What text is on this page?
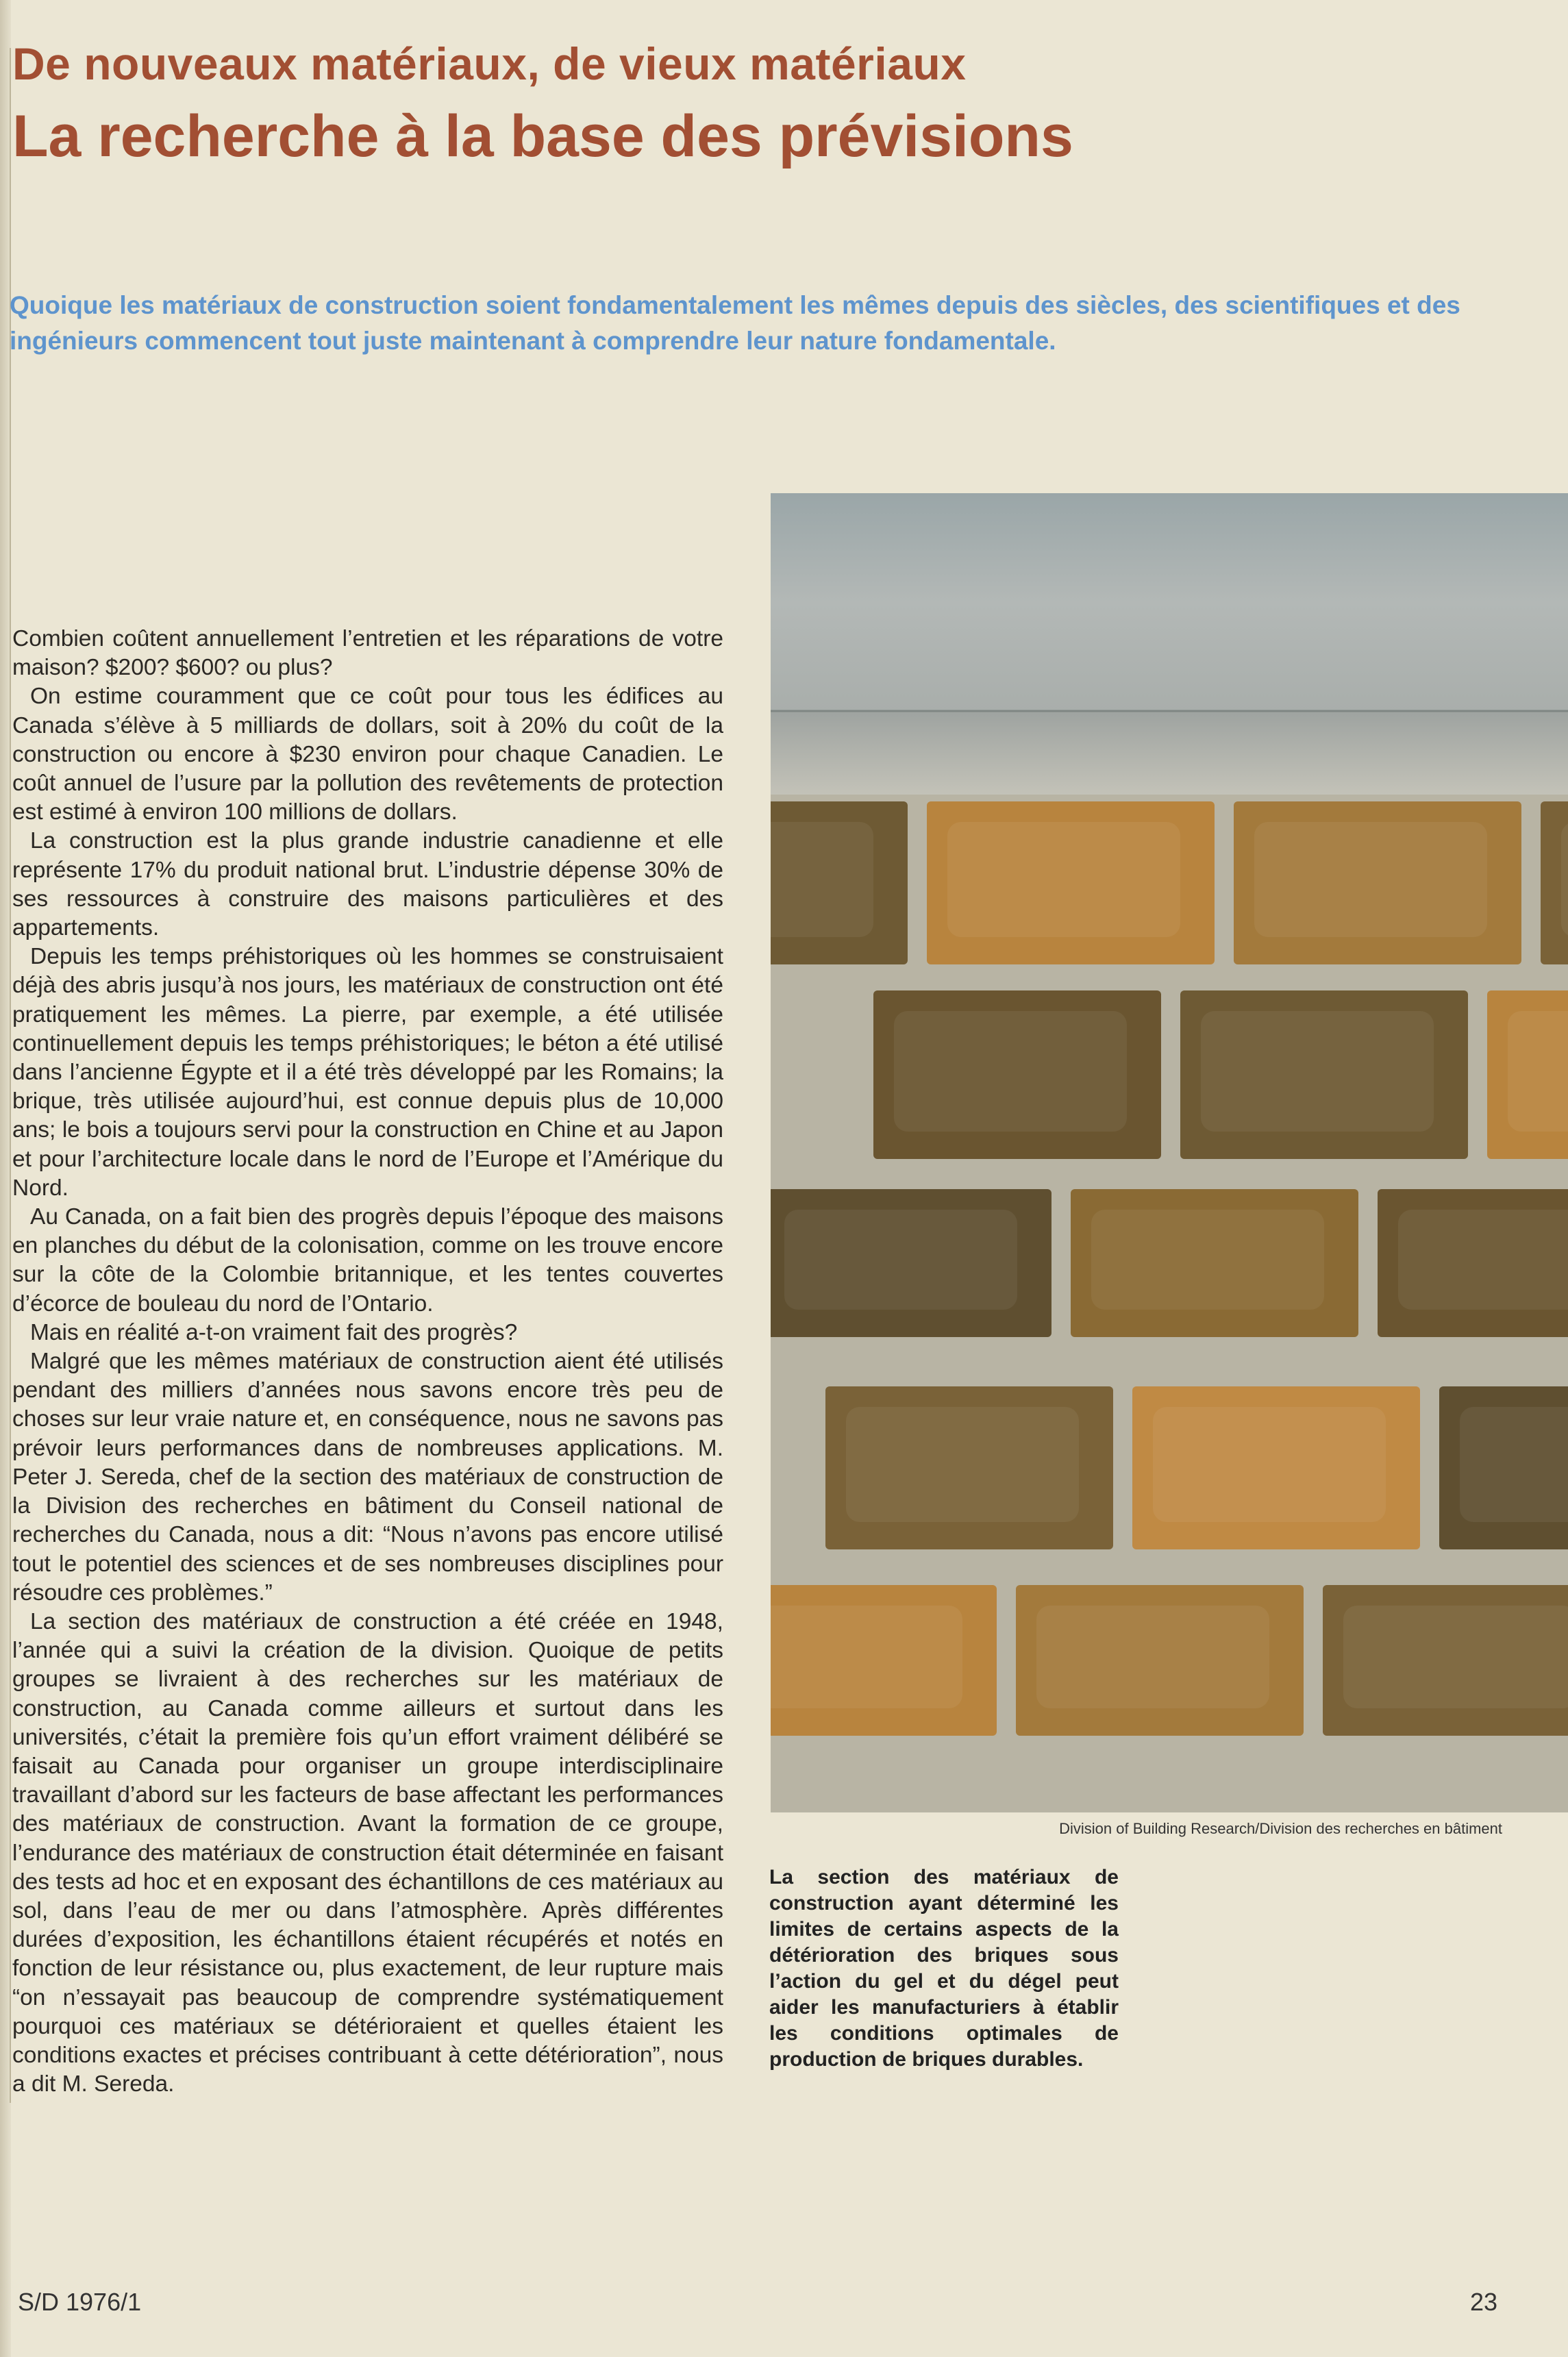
De nouveaux matériaux, de vieux matériaux
La recherche à la base des prévisions

Quoique les matériaux de construction soient fondamentalement les mêmes depuis des siècles, des scientifiques et des ingénieurs commencent tout juste maintenant à comprendre leur nature fondamentale.

Combien coûtent annuellement l’entretien et les réparations de votre maison? $200? $600? ou plus?

On estime couramment que ce coût pour tous les édifices au Canada s’élève à 5 milliards de dollars, soit à 20% du coût de la construction ou encore à $230 environ pour chaque Canadien. Le coût annuel de l’usure par la pollution des revêtements de protection est estimé à environ 100 millions de dollars.

La construction est la plus grande industrie canadienne et elle représente 17% du produit national brut. L’industrie dépense 30% de ses ressources à construire des maisons particulières et des appartements.

Depuis les temps préhistoriques où les hommes se construisaient déjà des abris jusqu’à nos jours, les matériaux de construction ont été pratiquement les mêmes. La pierre, par exemple, a été utilisée continuellement depuis les temps préhistoriques; le béton a été utilisé dans l’ancienne Égypte et il a été très développé par les Romains; la brique, très utilisée aujourd’hui, est connue depuis plus de 10,000 ans; le bois a toujours servi pour la construction en Chine et au Japon et pour l’architecture locale dans le nord de l’Europe et l’Amérique du Nord.

Au Canada, on a fait bien des progrès depuis l’époque des maisons en planches du début de la colonisation, comme on les trouve encore sur la côte de la Colombie britannique, et les tentes couvertes d’écorce de bouleau du nord de l’Ontario.

Mais en réalité a-t-on vraiment fait des progrès?

Malgré que les mêmes matériaux de construction aient été utilisés pendant des milliers d’années nous savons encore très peu de choses sur leur vraie nature et, en conséquence, nous ne savons pas prévoir leurs performances dans de nombreuses applications. M. Peter J. Sereda, chef de la section des matériaux de construction de la Division des recherches en bâtiment du Conseil national de recherches du Canada, nous a dit: “Nous n’avons pas encore utilisé tout le potentiel des sciences et de ses nombreuses disciplines pour résoudre ces problèmes.”

La section des matériaux de construction a été créée en 1948, l’année qui a suivi la création de la division. Quoique de petits groupes se livraient à des recherches sur les matériaux de construction, au Canada comme ailleurs et surtout dans les universités, c’était la première fois qu’un effort vraiment délibéré se faisait au Canada pour organiser un groupe interdisciplinaire travaillant d’abord sur les facteurs de base affectant les performances des matériaux de construction. Avant la formation de ce groupe, l’endurance des matériaux de construction était déterminée en faisant des tests ad hoc et en exposant des échantillons de ces matériaux au sol, dans l’eau de mer ou dans l’atmosphère. Après différentes durées d’exposition, les échantillons étaient récupérés et notés en fonction de leur résistance ou, plus exactement, de leur rupture mais “on n’essayait pas beaucoup de comprendre systématiquement pourquoi ces matériaux se détérioraient et quelles étaient les conditions exactes et précises contribuant à cette détérioration”, nous a dit M. Sereda.

Division of Building Research/Division des recherches en bâtiment

La section des matériaux de construction ayant déterminé les limites de certains aspects de la détérioration des briques sous l’action du gel et du dégel peut aider les manufacturiers à établir les conditions optimales de production de briques durables.

S/D 1976/1	23
